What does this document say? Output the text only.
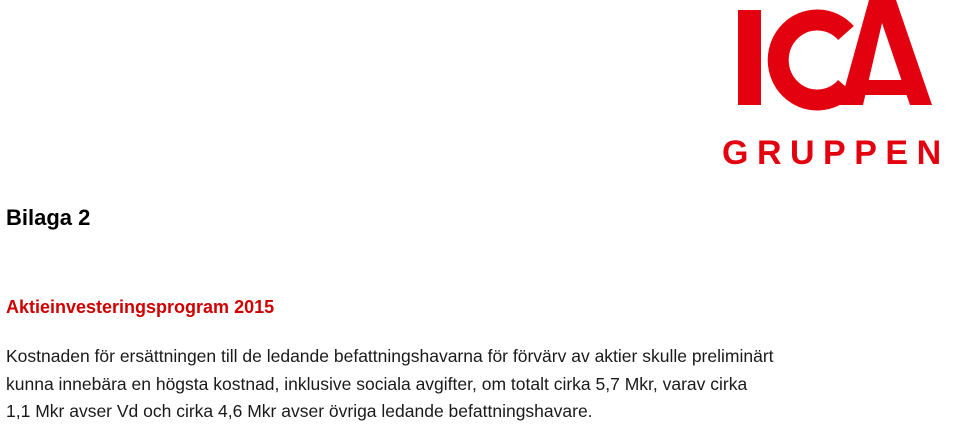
GRUPPEN
Bilaga 2
Aktieinvesteringsprogram 2015

Kostnaden för ersättningen till de ledande befattningshavarna för förvärv av aktier skulle preliminärt
kunna innebära en högsta kostnad, inklusive sociala avgifter, om totalt cirka 5,7 Mkr, varav cirka
1,1 Mkr avser Vd och cirka 4,6 Mkr avser övriga ledande befattningshavare.
